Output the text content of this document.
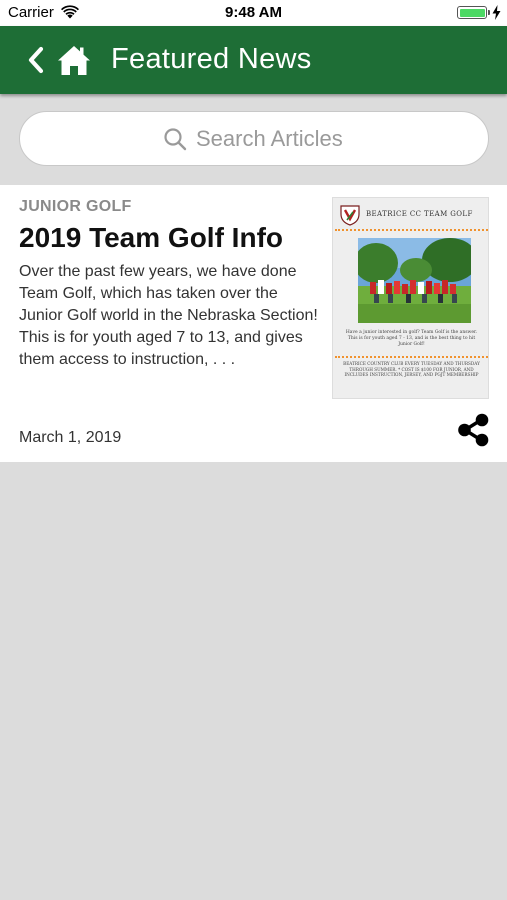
Carrier	9:48 AM
Featured News
Search Articles
JUNIOR GOLF
2019 Team Golf Info

Over the past few years, we have done Team Golf, which has taken over the Junior Golf world in the Nebraska Section! This is for youth aged 7 to 13, and gives them access to instruction, . . .

BEATRICE CC TEAM GOLF

Have a junior interested in golf? Team Golf is the answer. This is for youth aged 7 - 13, and is the best thing to hit Junior Golf!

BEATRICE COUNTRY CLUB EVERY TUESDAY AND THURSDAY THROUGH SUMMER. * COST IS $100 FOR JUNIOR, AND INCLUDES INSTRUCTION, JERSEY, AND PGJT MEMBERSHIP

March 1, 2019
